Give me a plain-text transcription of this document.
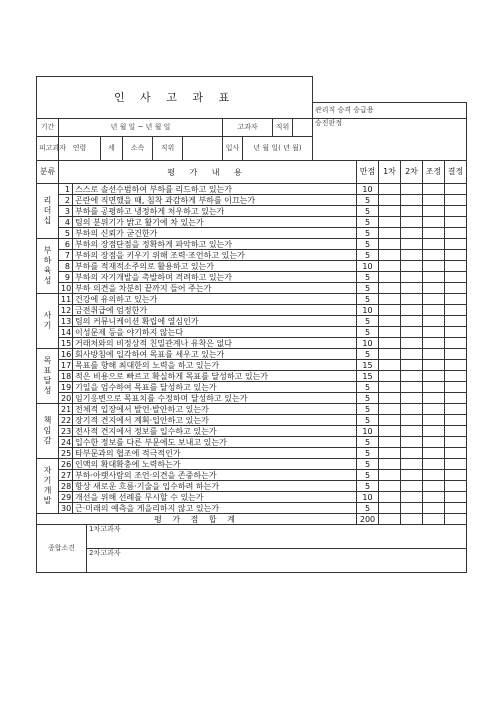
인 사 고 과 표										
										관리직 승격 승급용
기간	년 월 일 ~ 년 월 일					고과자		직위		승진판정
피고과자	연령	세	소속	직위		입사	년 월 일( 년 월)			
분류	평 가 내 용		만점	1차	2차	조정	결정
리더십	1	스스로 솔선수범하여 부하를 리드하고 있는가	10				
	2	곤란에 직면했을 때, 침착 과감하게 부하를 이끄는가	5				
	3	부하를 공평하고 냉정하게 처우하고 있는가	5				
	4	팀의 분위기가 밝고 활기에 차 있는가	5				
	5	부하의 신뢰가 굳건한가	5				
부하육성	6	부하의 장점단점을 정확하게 파악하고 있는가	5				
	7	부하의 장점을 키우기 위해 조력·조언하고 있는가	5				
	8	부하를 적재적소주의로 활용하고 있는가	10				
	9	부하의 자기개발을 촉발하며 격려하고 있는가	5				
	10	부하 의견을 차분히 끝까지 들어 주는가	5				
사기	11	건강에 유의하고 있는가	5				
	12	금전취급에 엄정한가	10				
	13	팀의 커뮤니케이션 확립에 열심인가	5				
	14	이성문제 등을 야기하지 않는다	5				
	15	거래처와의 비정상적 친밀관계나 유착은 없다	10				
목표달성	16	회사방침에 입각하여 목표를 세우고 있는가	5				
	17	목표를 향해 최대한의 노력을 하고 있는가	15				
	18	적은 비용으로 빠르고 확실하게 목표를 달성하고 있는가	15				
	19	기일을 엄수하여 목표를 달성하고 있는가	5				
	20	임기응변으로 목표치를 수정하며 달성하고 있는가	5				
책임감	21	전체적 입장에서 발언·발안하고 있는가	5				
	22	장기적 견지에서 계획·입안하고 있는가	5				
	23	전사적 견지에서 정보를 입수하고 있는가	10				
	24	입수한 정보를 다른 부문에도 보내고 있는가	5				
	25	타부문과의 협조에 적극적인가	5				
자기개발	26	인맥의 확대확충에 노력하는가	5				
	27	부하·아랫사람의 조언·의견을 존중하는가	5				
	28	항상 새로운 흐름·기술을 입수하려 하는가	5				
	29	개선을 위해 선례를 무시할 수 있는가	10				
	30	근·미래의 예측을 게을리하지 않고 있는가	5				
평 가 점 합 계			200				
종합소견	1차고과자
2차고과자
